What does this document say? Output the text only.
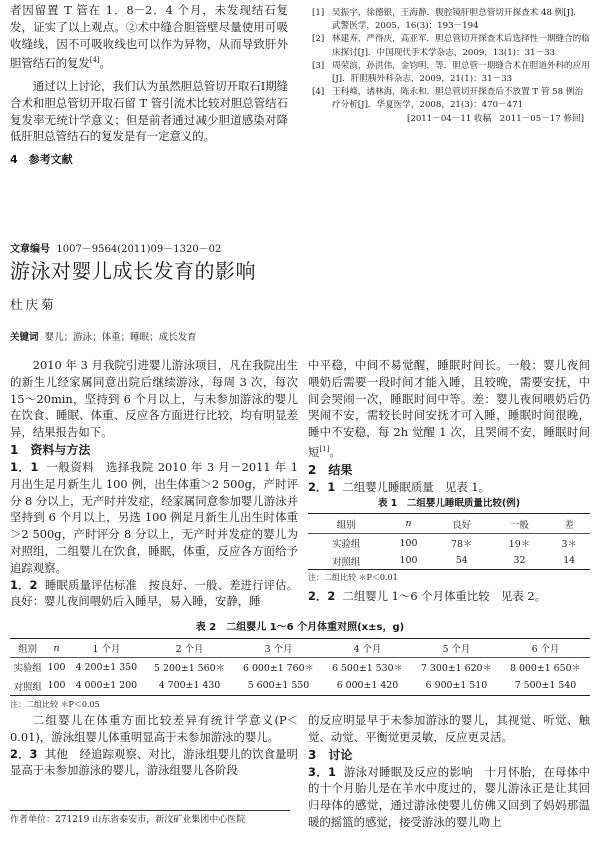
者因留置 T 管在 1．8－2．4 个月，未发现结石复发，证实了以上观点。②术中缝合胆管壁尽量使用可吸收缝线，因不可吸收线也可以作为异物，从而导致肝外胆管结石的复发[4]。

通过以上讨论，我们认为虽然胆总管切开取石Ⅰ期缝合术和胆总管切开取石留 T 管引流术比较对胆总管结石复发率无统计学意义；但是前者通过减少胆道感染对降低肝胆总管结石的复发是有一定意义的。

4　参考文献

[1] 吴振宇，徐德银，王海静．腹腔镜肝胆总管切开探查术 48 例[J]．武警医学，2005，16(3)：193－194
[2] 林建寿，严得庆，高亚军．胆总管切开探查术后选择性一期缝合的临床探讨[J]．中国现代手术学杂志，2009，13(1)：31－33
[3] 周荣滨，孙洪伟，金钧明，等．胆总管一期缝合术在胆道外科的应用[J]．肝胆胰外科杂志，2009，21(1)：31－33
[4] 王科峰，诸林海，陈永和．胆总管切开探查后不放置 T 管 58 例治疗分析[J]．华夏医学，2008，21(3)：470－471
[2011－04－11 收稿　2011－05－17 修回]
文章编号 1007－9564(2011)09－1320－02
游泳对婴儿成长发育的影响
杜庆菊
关键词 婴儿；游泳；体重；睡眠；成长发育

2010 年 3 月我院引进婴儿游泳项目，凡在我院出生的新生儿经家属同意出院后继续游泳，每周 3 次，每次 15～20min，坚持到 6 个月以上，与未参加游泳的婴儿在饮食、睡眠、体重、反应各方面进行比较，均有明显差异，结果报告如下。

1　资料与方法

1．1 一般资料　选择我院 2010 年 3 月－2011 年 1 月出生足月新生儿 100 例，出生体重＞2 500g，产时评分 8 分以上，无产时并发症，经家属同意参加婴儿游泳并坚持到 6 个月以上，另选 100 例足月新生儿出生时体重＞2 500g，产时评分 8 分以上，无产时并发症的婴儿为对照组，二组婴儿在饮食，睡眠，体重，反应各方面给予追踪观察。

1．2 睡眠质量评估标准　按良好、一般、差进行评估。良好：婴儿夜间喂奶后入睡早，易入睡，安静，睡

中平稳，中间不易觉醒，睡眠时间长。一般：婴儿夜间喂奶后需要一段时间才能入睡，且较晚，需要安抚，中间会哭闹一次，睡眠时间中等。差：婴儿夜间喂奶后仍哭闹不安，需较长时间安抚才可入睡，睡眠时间很晚，睡中不安稳，每 2h 觉醒 1 次，且哭闹不安，睡眠时间短[1]。

2　结果

2．1 二组婴儿睡眠质量　见表 1。

表 1　二组婴儿睡眠质量比较(例)
组别	n	良好	一般	差
实验组	100	78＊	19＊	3＊
对照组	100	54	32	14
注：二组比较 ＊P＜0.01

2．2 二组婴儿 1～6 个月体重比较　见表 2。

表 2　二组婴儿 1～6 个月体重对照(x±s，g)
组别	n	1 个月	2 个月	3 个月	4 个月	5 个月	6 个月
实验组	100	4 200±1 350	5 200±1 560＊	6 000±1 760＊	6 500±1 530＊	7 300±1 620＊	8 000±1 650＊
对照组	100	4 000±1 200	4 700±1 430	5 600±1 550	6 000±1 420	6 900±1 510	7 500±1 540
注：二组比较 ＊P＜0.05

二组婴儿在体重方面比较差异有统计学意义(P＜0.01)，游泳组婴儿体重明显高于未参加游泳的婴儿。

2．3 其他　经追踪观察、对比，游泳组婴儿的饮食量明显高于未参加游泳的婴儿，游泳组婴儿各阶段

作者单位：271219 山东省泰安市，新汶矿业集团中心医院

的反应明显早于未参加游泳的婴儿，其视觉、听觉、触觉、动觉、平衡觉更灵敏，反应更灵活。

3　讨论

3．1 游泳对睡眠及反应的影响　十月怀胎，在母体中的十个月胎儿是在羊水中度过的，婴儿游泳正是让其回归母体的感觉，通过游泳使婴儿仿佛又回到了妈妈那温暖的摇篮的感觉，接受游泳的婴儿吻上
